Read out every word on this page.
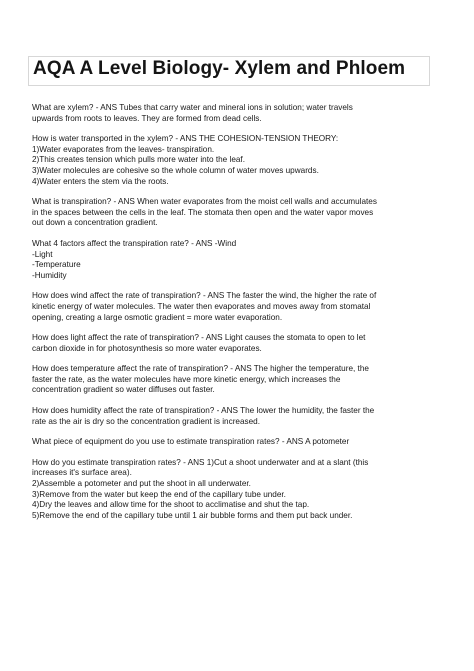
AQA A Level Biology- Xylem and Phloem
What are xylem? - ANS Tubes that carry water and mineral ions in solution; water travels
upwards from roots to leaves. They are formed from dead cells.
How is water transported in the xylem? - ANS THE COHESION-TENSION THEORY:
1)Water evaporates from the leaves- transpiration.
2)This creates tension which pulls more water into the leaf.
3)Water molecules are cohesive so the whole column of water moves upwards.
4)Water enters the stem via the roots.
What is transpiration? - ANS When water evaporates from the moist cell walls and accumulates
in the spaces between the cells in the leaf. The stomata then open and the water vapor moves
out down a concentration gradient.
What 4 factors affect the transpiration rate? - ANS -Wind
-Light
-Temperature
-Humidity
How does wind affect the rate of transpiration? - ANS The faster the wind, the higher the rate of
kinetic energy of water molecules. The water then evaporates and moves away from stomatal
opening, creating a large osmotic gradient = more water evaporation.
How does light affect the rate of transpiration? - ANS Light causes the stomata to open to let
carbon dioxide in for photosynthesis so more water evaporates.
How does temperature affect the rate of transpiration? - ANS The higher the temperature, the
faster the rate, as the water molecules have more kinetic energy, which increases the
concentration gradient so water diffuses out faster.
How does humidity affect the rate of transpiration? - ANS The lower the humidity, the faster the
rate as the air is dry so the concentration gradient is increased.
What piece of equipment do you use to estimate transpiration rates? - ANS A potometer
How do you estimate transpiration rates? - ANS 1)Cut a shoot underwater and at a slant (this
increases it's surface area).
2)Assemble a potometer and put the shoot in all underwater.
3)Remove from the water but keep the end of the capillary tube under.
4)Dry the leaves and allow time for the shoot to acclimatise and shut the tap.
5)Remove the end of the capillary tube until 1 air bubble forms and them put back under.
